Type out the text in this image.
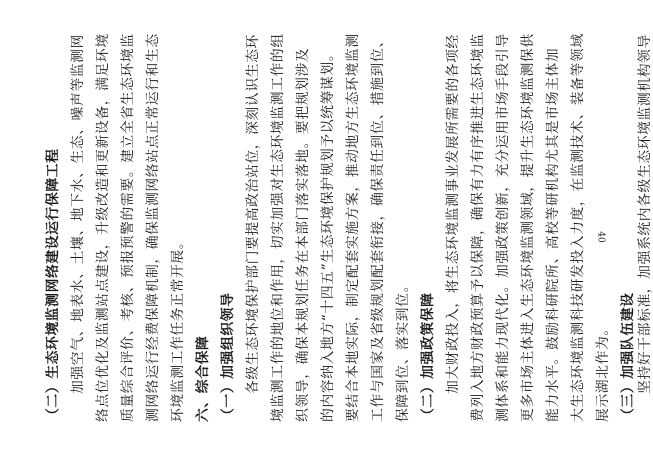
（二）生态环境监测网络建设运行保障工程 加强空气、地表水、土壤、地下水、生态、噪声等监测网 络点位优化及监测站点建设，升级改造和更新设备，满足环境 质量综合评价、考核、预报预警的需要。建立全省生态环境监 测网络运行经费保障机制，确保监测网络站点正常运行和生态 环境监测工作任务正常开展。 六、综合保障 （一）加强组织领导 各级生态环境保护部门要提高政治站位，深刻认识生态环 境监测工作的地位和作用，切实加强对生态环境监测工作的组 织领导，确保本规划任务在本部门落实落地。要把规划涉及 的内容纳入地方“十四五”生态环境保护规划予以统筹谋划。 要结合本地实际，制定配套实施方案，推动地方生态环境监测 工作与国家及省级规划配套衔接，确保责任到位、措施到位、 保障到位、落实到位。 （二）加强政策保障 加大财政投入，将生态环境监测事业发展所需要的各项经 费列入地方财政预算予以保障，确保有力有序推进生态环境监 测体系和能力现代化。加强政策创新，充分运用市场手段引导 更多市场主体进入生态环境监测领域，提升生态环境监测保供 能力水平。鼓励科研院所、高校等研机构尤其是市场主体加 大生态环境监测科技研发投入力度，在监测技术、装备等领域 展示湖北作为。 （三）加强队伍建设 坚持好干部标准，加强系统内各级生态环境监测机构领导
40
